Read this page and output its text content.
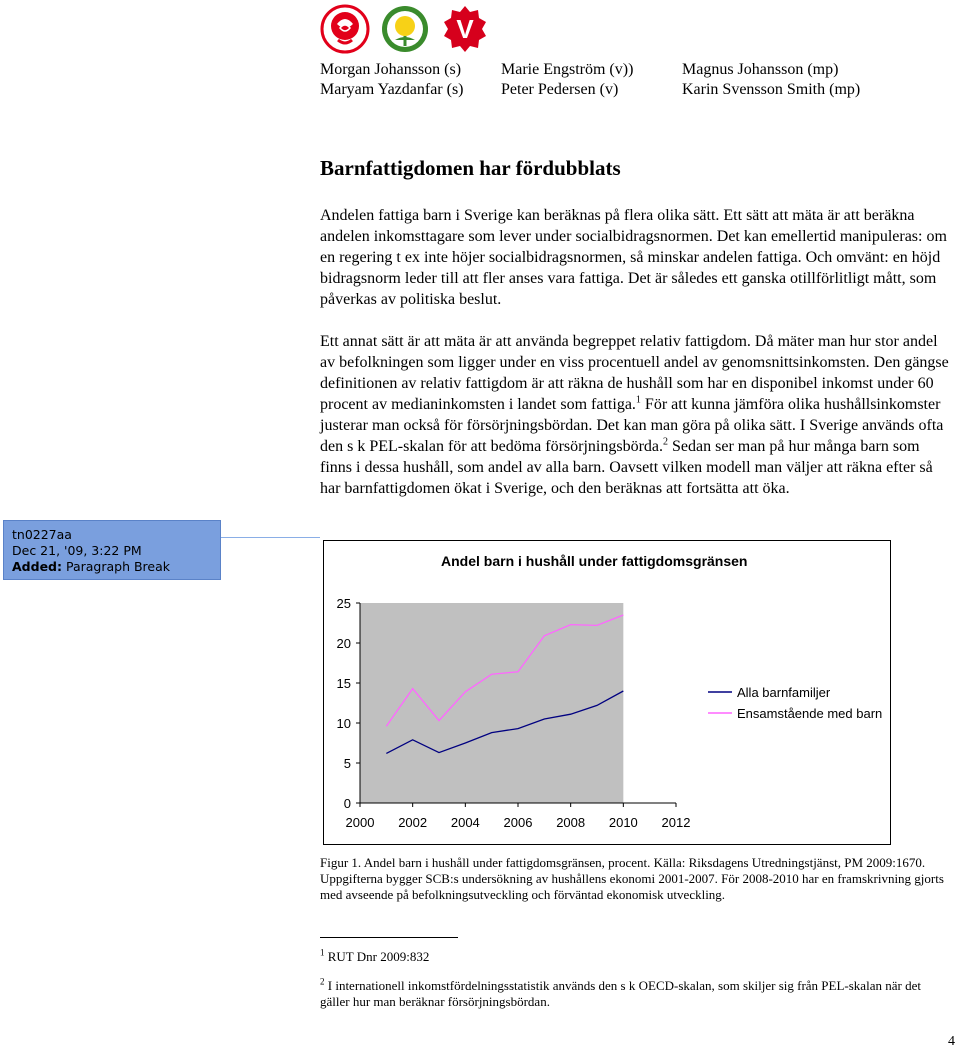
V
Morgan Johansson (s)
Maryam Yazdanfar (s)
Marie Engström (v))
Peter Pedersen (v)
Magnus Johansson (mp)
Karin Svensson Smith (mp)
Barnfattigdomen har fördubblats

Andelen fattiga barn i Sverige kan beräknas på flera olika sätt. Ett sätt att mäta är att beräkna andelen inkomsttagare som lever under socialbidragsnormen. Det kan emellertid manipuleras: om en regering t ex inte höjer socialbidragsnormen, så minskar andelen fattiga. Och omvänt: en höjd bidragsnorm leder till att fler anses vara fattiga. Det är således ett ganska otillförlitligt mått, som påverkas av politiska beslut.

Ett annat sätt är att mäta är att använda begreppet relativ fattigdom. Då mäter man hur stor andel av befolkningen som ligger under en viss procentuell andel av genomsnittsinkomsten. Den gängse definitionen av relativ fattigdom är att räkna de hushåll som har en disponibel inkomst under 60 procent av medianinkomsten i landet som fattiga.$^1$ För att kunna jämföra olika hushållsinkomster justerar man också för försörjningsbördan. Det kan man göra på olika sätt. I Sverige används ofta den s k PEL-skalan för att bedöma försörjningsbörda.$^2$ Sedan ser man på hur många barn som finns i dessa hushåll, som andel av alla barn. Oavsett vilken modell man väljer att räkna efter så har barnfattigdomen ökat i Sverige, och den beräknas att fortsätta att öka.

tn0227aa
Dec 21, '09, 3:22 PM
Added: Paragraph Break	Andel barn i hushåll under fattigdomsgränsen
0
5
10
15
20
25
2000 2002 2004 2006 2008 2010 2012
Alla barnfamiljer
Ensamstående med barn

Figur 1. Andel barn i hushåll under fattigdomsgränsen, procent. Källa: Riksdagens Utredningstjänst, PM 2009:1670. Uppgifterna bygger SCB:s undersökning av hushållens ekonomi 2001-2007. För 2008-2010 har en framskrivning gjorts med avseende på befolkningsutveckling och förväntad ekonomisk utveckling.

$^1$ RUT Dnr 2009:832

$^2$ I internationell inkomstfördelningsstatistik används den s k OECD-skalan, som skiljer sig från PEL-skalan när det gäller hur man beräknar försörjningsbördan.

4
